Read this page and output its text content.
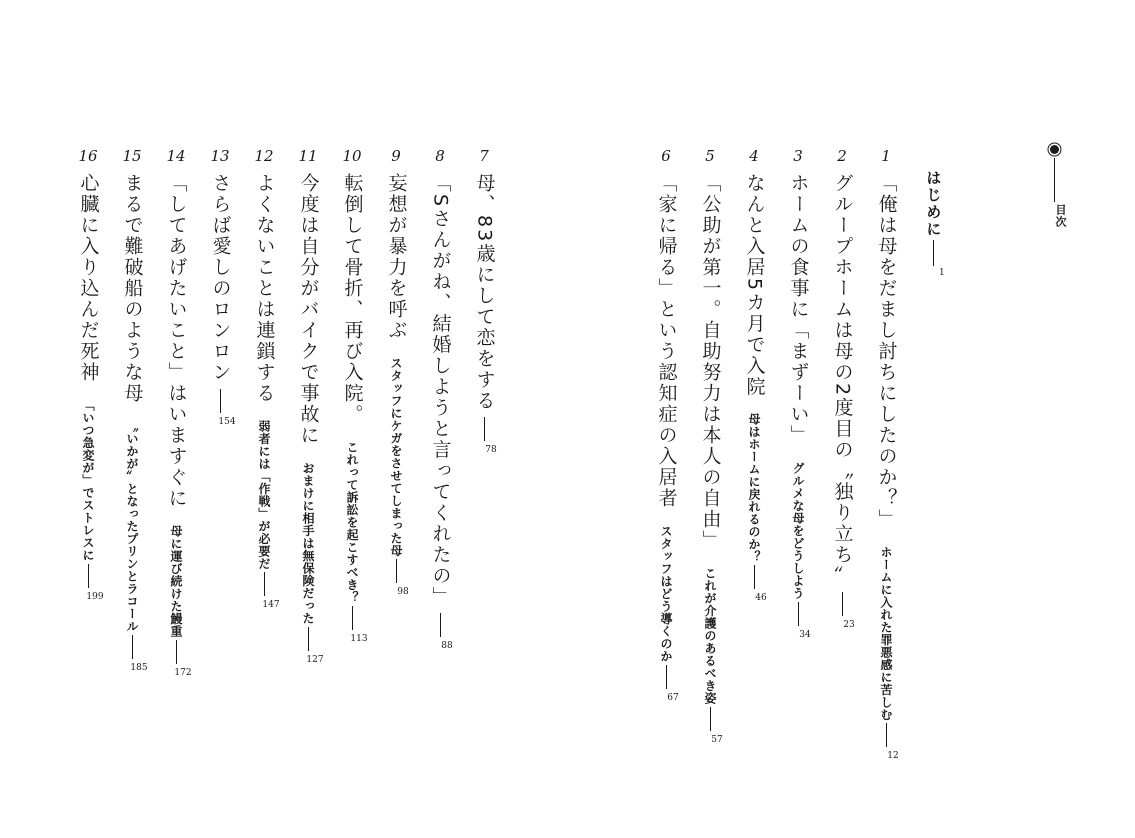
目次
はじめに
1
1
「俺は母をだまし討ちにしたのか？」
ホームに入れた罪悪感に苦しむ
12
2
グループホームは母の2度目の〝独り立ち〟
23
3
ホームの食事に「まずーい」
グルメな母をどうしよう
34
4
なんと入居5カ月で入院
母はホームに戻れるのか？
46
5
「公助が第一。自助努力は本人の自由」
これが介護のあるべき姿
57
6
「家に帰る」という認知症の入居者
スタッフはどう導くのか
67
7
母、83歳にして恋をする
78
8
「Sさんがね、結婚しようと言ってくれたの」
88
9
妄想が暴力を呼ぶ
スタッフにケガをさせてしまった母
98
10
転倒して骨折、再び入院。
これって訴訟を起こすべき？
113
11
今度は自分がバイクで事故に
おまけに相手は無保険だった
127
12
よくないことは連鎖する
弱者には「作戦」が必要だ
147
13
さらば愛しのロンロン
154
14
「してあげたいこと」はいますぐに
母に運び続けた鰻重
172
15
まるで難破船のような母
〝いかが〟となったプリンとラコール
185
16
心臓に入り込んだ死神
「いつ急変が」でストレスに
199
